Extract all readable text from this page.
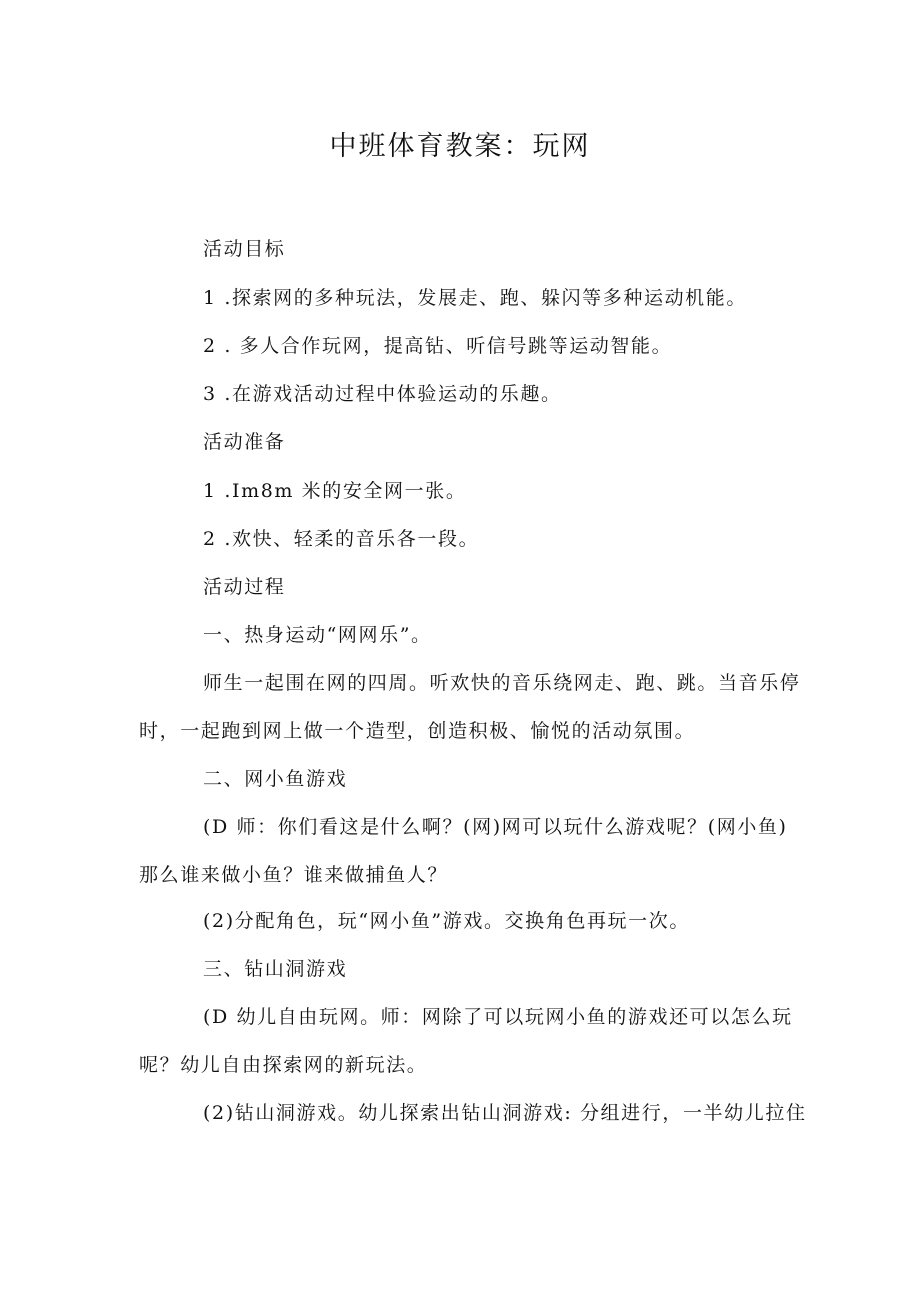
中班体育教案：玩网
活动目标
1 .探索网的多种玩法，发展走、跑、躲闪等多种运动机能。
2 . 多人合作玩网，提高钻、听信号跳等运动智能。
3 .在游戏活动过程中体验运动的乐趣。
活动准备
1 .Im8m 米的安全网一张。
2 .欢快、轻柔的音乐各一段。
活动过程
一、热身运动“网网乐”。
师生一起围在网的四周。听欢快的音乐绕网走、跑、跳。当音乐停
时，一起跑到网上做一个造型，创造积极、愉悦的活动氛围。
二、网小鱼游戏
(D 师：你们看这是什么啊？(网)网可以玩什么游戏呢？(网小鱼)
那么谁来做小鱼？谁来做捕鱼人？
(2)分配角色，玩“网小鱼”游戏。交换角色再玩一次。
三、钻山洞游戏
(D 幼儿自由玩网。师：网除了可以玩网小鱼的游戏还可以怎么玩
呢？幼儿自由探索网的新玩法。
(2)钻山洞游戏。幼儿探索出钻山洞游戏: 分组进行，一半幼儿拉住
